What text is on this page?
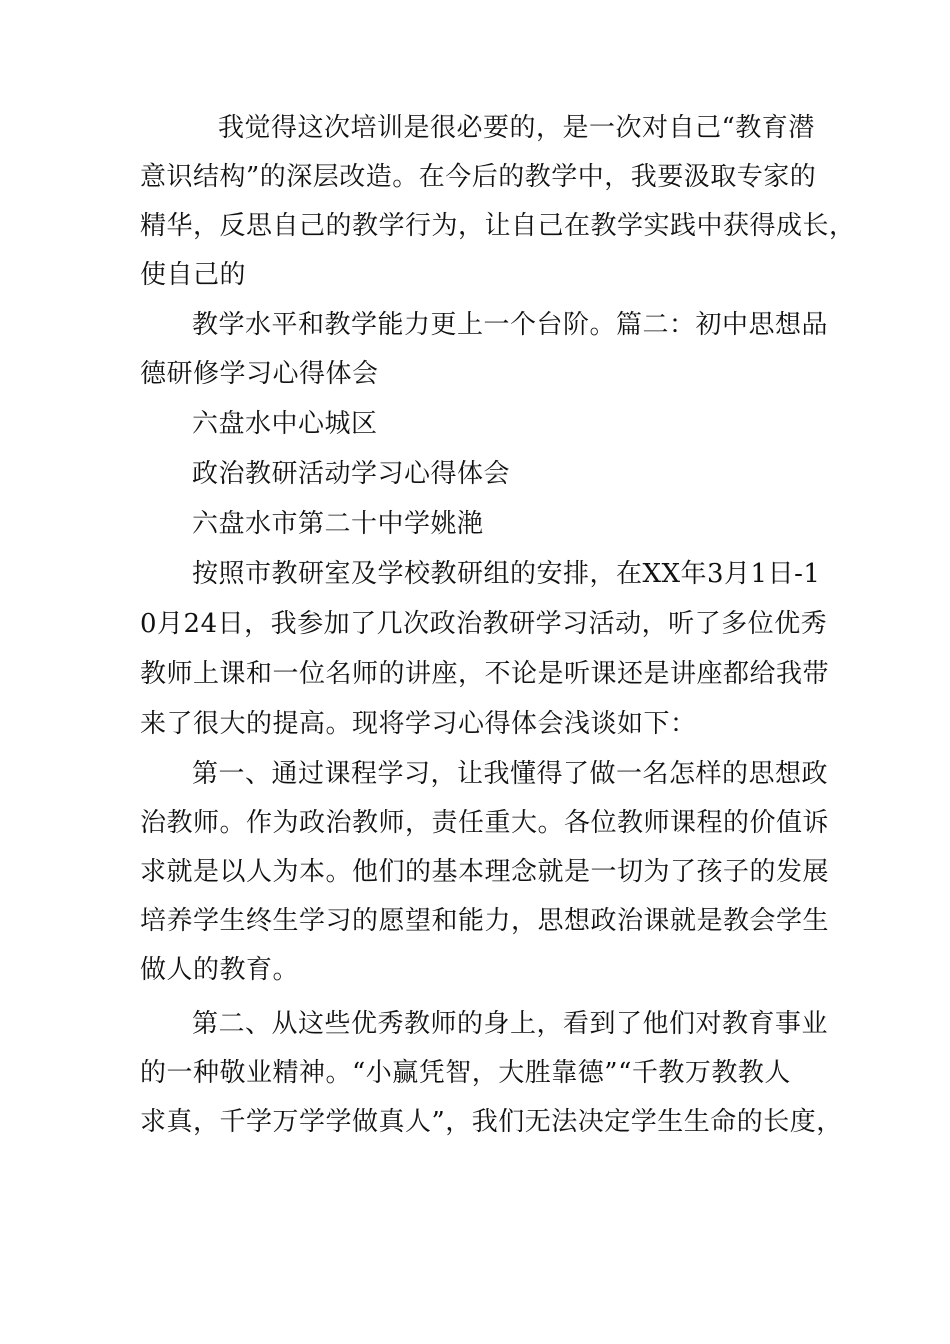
我觉得这次培训是很必要的，是一次对自己“教育潜
意识结构”的深层改造。在今后的教学中，我要汲取专家的
精华，反思自己的教学行为，让自己在教学实践中获得成长，
使自己的
教学水平和教学能力更上一个台阶。篇二：初中思想品
德研修学习心得体会
六盘水中心城区
政治教研活动学习心得体会
六盘水市第二十中学姚滟
按照市教研室及学校教研组的安排，在XX年3月1日-1
0月24日，我参加了几次政治教研学习活动，听了多位优秀
教师上课和一位名师的讲座，不论是听课还是讲座都给我带
来了很大的提高。现将学习心得体会浅谈如下：
第一、通过课程学习，让我懂得了做一名怎样的思想政
治教师。作为政治教师，责任重大。各位教师课程的价值诉
求就是以人为本。他们的基本理念就是一切为了孩子的发展
培养学生终生学习的愿望和能力，思想政治课就是教会学生
做人的教育。
第二、从这些优秀教师的身上，看到了他们对教育事业
的一种敬业精神。“小赢凭智，大胜靠德”“千教万教教人
求真，千学万学学做真人”，我们无法决定学生生命的长度，
